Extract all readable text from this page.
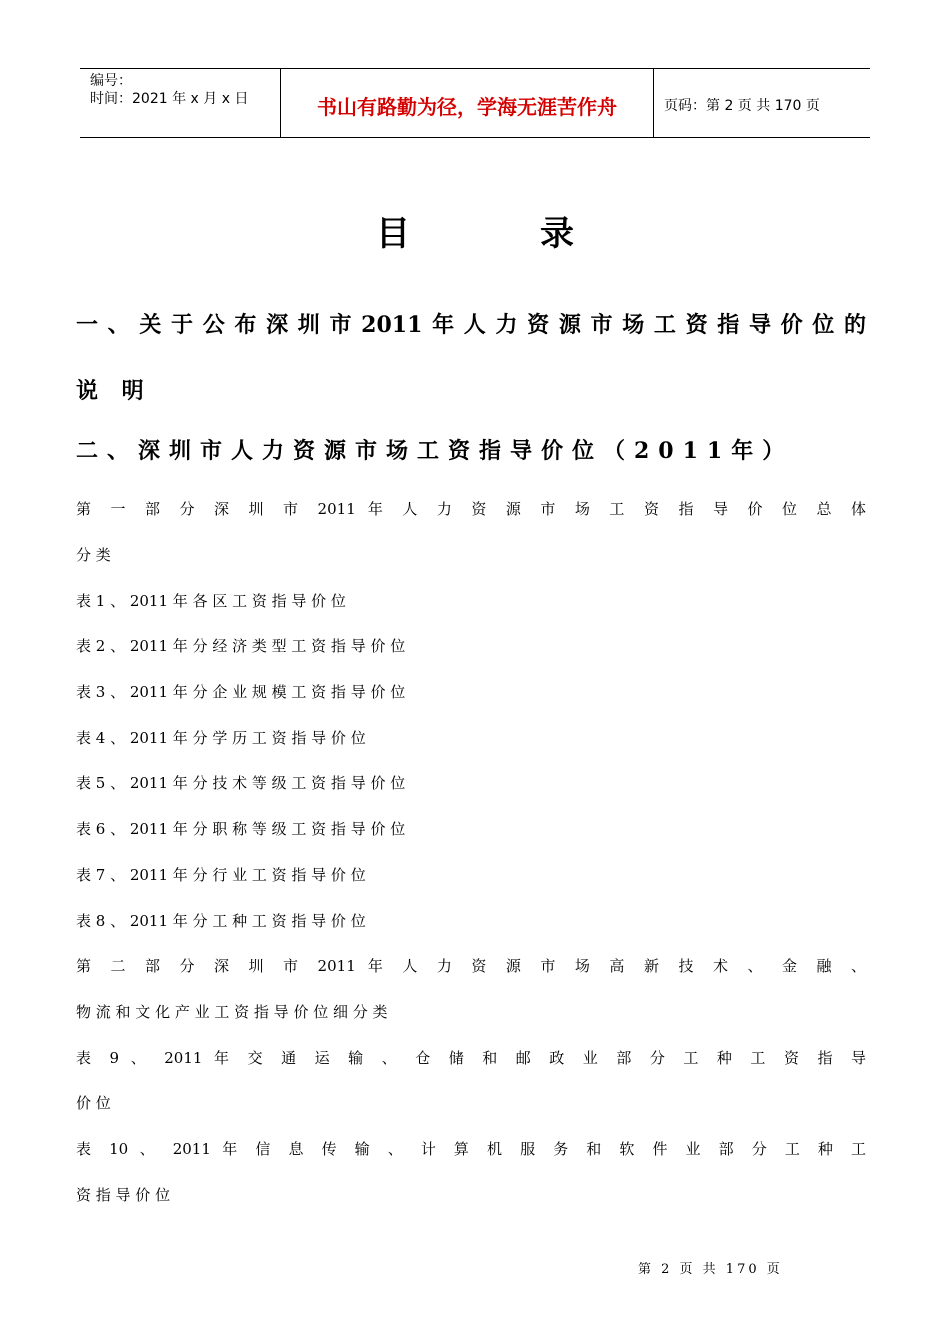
编号：
时间：2021 年 x 月 x 日	书山有路勤为径，学海无涯苦作舟	页码：第 2 页 共 170 页
目录
一、关于公布深圳市2011年人力资源市场工资指导价位的
说 明
二、深圳市人力资源市场工资指导价位（2011年）
第 一 部 分 深 圳 市 2011 年 人 力 资 源 市 场 工 资 指 导 价 位 总 体
分 类
表 1 、 2011 年 各 区 工 资 指 导 价 位
表 2 、 2011 年 分 经 济 类 型 工 资 指 导 价 位
表 3 、 2011 年 分 企 业 规 模 工 资 指 导 价 位
表 4 、 2011 年 分 学 历 工 资 指 导 价 位
表 5 、 2011 年 分 技 术 等 级 工 资 指 导 价 位
表 6 、 2011 年 分 职 称 等 级 工 资 指 导 价 位
表 7 、 2011 年 分 行 业 工 资 指 导 价 位
表 8 、 2011 年 分 工 种 工 资 指 导 价 位
第 二 部 分 深 圳 市 2011 年 人 力 资 源 市 场 高 新 技 术 、 金 融 、
物 流 和 文 化 产 业 工 资 指 导 价 位 细 分 类
表 9 、 2011 年 交 通 运 输 、 仓 储 和 邮 政 业 部 分 工 种 工 资 指 导
价 位
表 10 、 2011 年 信 息 传 输 、 计 算 机 服 务 和 软 件 业 部 分 工 种 工
资 指 导 价 位
第 2 页 共 170 页
